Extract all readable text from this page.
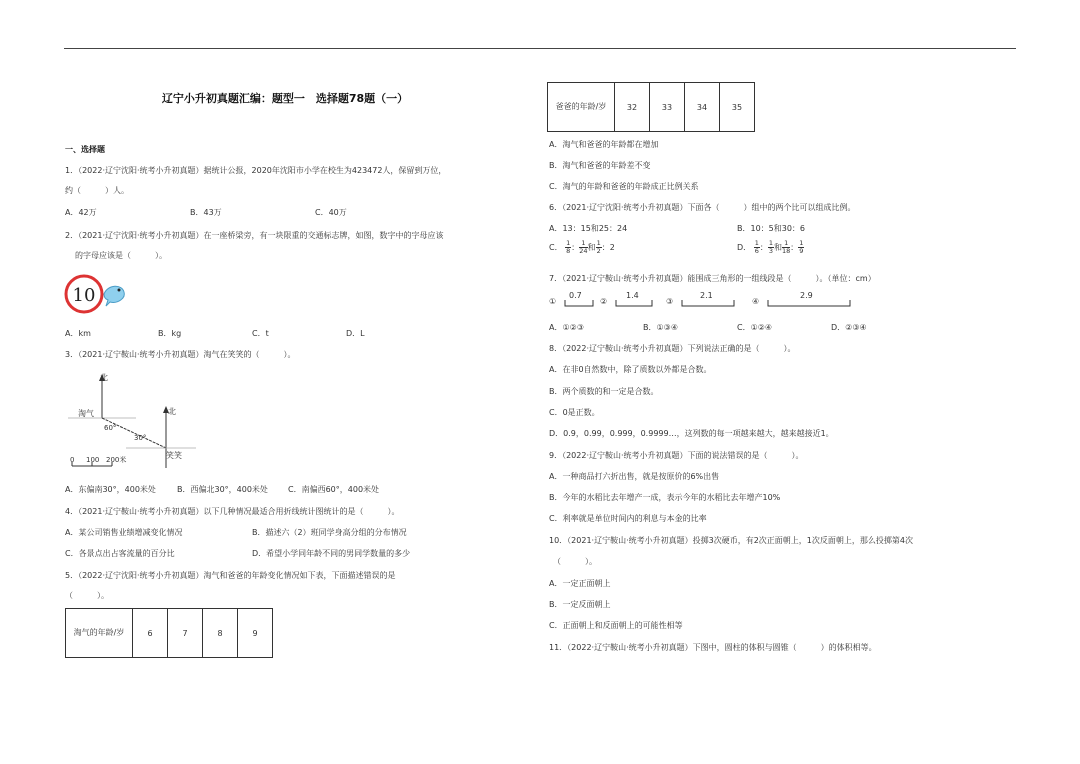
辽宁小升初真题汇编：题型一　选择题78题（一）
一、选择题
1．（2022·辽宁沈阳·统考小升初真题）据统计公报，2020年沈阳市小学在校生为423472人，保留到万位，
约（　　　）人。
A．42万	B．43万	C．40万
2．（2021·辽宁沈阳·统考小升初真题）在一座桥梁旁，有一块限重的交通标志牌，如图，数字中的字母应该
的字母应该是（　　　）。
10
A．km	B．kg	C．t	D．L
3．（2021·辽宁鞍山·统考小升初真题）淘气在笑笑的（　　　）。
北
淘气
60°
北
30°
笑笑
0 100 200米
A．东偏南30°，400米处	B．西偏北30°，400米处	C．南偏西60°，400米处
4．（2021·辽宁鞍山·统考小升初真题）以下几种情况最适合用折线统计图统计的是（　　　）。
A．某公司销售业绩增减变化情况	B．描述六（2）班同学身高分组的分布情况
C．各景点出占客流量的百分比	D．希望小学同年龄不同的男同学数量的多少
5．（2022·辽宁沈阳·统考小升初真题）淘气和爸爸的年龄变化情况如下表，下面描述错误的是
（　　　）。
淘气的年龄/岁	6	7	8	9
爸爸的年龄/岁	32	33	34	35
A．淘气和爸爸的年龄都在增加
B．淘气和爸爸的年龄差不变
C．淘气的年龄和爸爸的年龄成正比例关系
6．（2021·辽宁沈阳·统考小升初真题）下面各（　　　）组中的两个比可以组成比例。
A．13：15和25：24	B．10：5和30：6
C． $\frac{1}{8}$ ： $\frac{1}{24}$ 和 $\frac{1}{2}$ ：2	D． $\frac{1}{6}$ ： $\frac{1}{3}$ 和 $\frac{1}{18}$ ： $\frac{1}{9}$
7．（2021·辽宁鞍山·统考小升初真题）能围成三角形的一组线段是（　　　）。（单位：cm）
①
0.7
②
1.4
③
2.1
④
2.9
A．①②③	B．①③④	C．①②④	D．②③④
8．（2022·辽宁鞍山·统考小升初真题）下列说法正确的是（　　　）。
A．在非0自然数中，除了质数以外都是合数。
B．两个质数的和一定是合数。
C．0是正数。
D．0.9，0.99，0.999，0.9999…，这列数的每一项越来越大，越来越接近1。
9．（2022·辽宁鞍山·统考小升初真题）下面的说法错误的是（　　　）。
A．一种商品打六折出售，就是按原价的6%出售
B．今年的水稻比去年增产一成，表示今年的水稻比去年增产10%
C．利率就是单位时间内的利息与本金的比率
10．（2021·辽宁鞍山·统考小升初真题）投掷3次硬币，有2次正面朝上，1次反面朝上，那么投掷第4次
（　　　）。
A．一定正面朝上
B．一定反面朝上
C．正面朝上和反面朝上的可能性相等
11．（2022·辽宁鞍山·统考小升初真题）下图中，圆柱的体积与圆锥（　　　）的体积相等。
